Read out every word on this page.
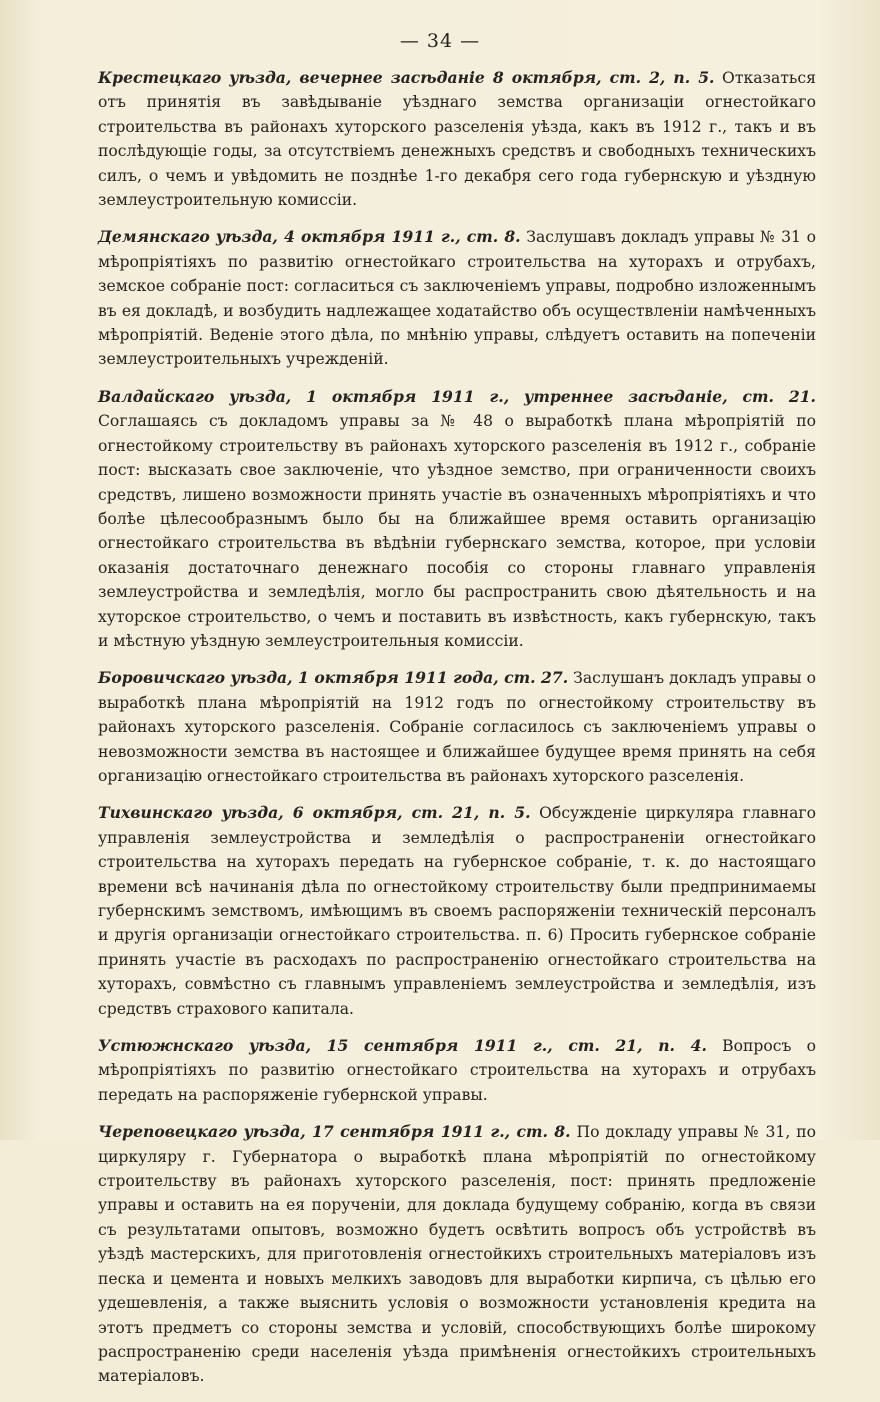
— 34 —

Крестецкаго уѣзда, вечернее засѣданіе 8 октября, ст. 2, п. 5. Отказаться отъ принятія въ завѣдываніе уѣзднаго земства организаціи огнестойкаго строительства въ районахъ хуторского разселенія уѣзда, какъ въ 1912 г., такъ и въ послѣдующіе годы, за отсутствіемъ денежныхъ средствъ и свободныхъ техническихъ силъ, о чемъ и увѣдомить не позднѣе 1-го декабря сего года губернскую и уѣздную землеустроительную комиссіи.

Демянскаго уѣзда, 4 октября 1911 г., ст. 8. Заслушавъ докладъ управы № 31 о мѣропріятіяхъ по развитію огнестойкаго строительства на хуторахъ и отрубахъ, земское собраніе пост: согласиться съ заключеніемъ управы, подробно изложеннымъ въ ея докладѣ, и возбудить надлежащее ходатайство объ осуществленіи намѣченныхъ мѣропріятій. Веденіе этого дѣла, по мнѣнію управы, слѣдуетъ оставить на попеченіи землеустроительныхъ учрежденій.

Валдайскаго уѣзда, 1 октября 1911 г., утреннее засѣданіе, ст. 21. Соглашаясь съ докладомъ управы за № 48 о выработкѣ плана мѣропріятій по огнестойкому строительству въ районахъ хуторского разселенія въ 1912 г., собраніе пост: высказать свое заключеніе, что уѣздное земство, при ограниченности своихъ средствъ, лишено возможности принять участіе въ означенныхъ мѣропріятіяхъ и что болѣе цѣлесообразнымъ было бы на ближайшее время оставить организацію огнестойкаго строительства въ вѣдѣніи губернскаго земства, которое, при условіи оказанія достаточнаго денежнаго пособія со стороны главнаго управленія землеустройства и земледѣлія, могло бы распространить свою дѣятельность и на хуторское строительство, о чемъ и поставить въ извѣстность, какъ губернскую, такъ и мѣстную уѣздную землеустроительныя комиссіи.

Боровичскаго уѣзда, 1 октября 1911 года, ст. 27. Заслушанъ докладъ управы о выработкѣ плана мѣропріятій на 1912 годъ по огнестойкому строительству въ районахъ хуторского разселенія. Собраніе согласилось съ заключеніемъ управы о невозможности земства въ настоящее и ближайшее будущее время принять на себя организацію огнестойкаго строительства въ районахъ хуторского разселенія.

Тихвинскаго уѣзда, 6 октября, ст. 21, п. 5. Обсужденіе циркуляра главнаго управленія землеустройства и земледѣлія о распространеніи огнестойкаго строительства на хуторахъ передать на губернское собраніе, т. к. до настоящаго времени всѣ начинанія дѣла по огнестойкому строительству были предпринимаемы губернскимъ земствомъ, имѣющимъ въ своемъ распоряженіи техническій персоналъ и другія организаціи огнестойкаго строительства. п. 6) Просить губернское собраніе принять участіе въ расходахъ по распространенію огнестойкаго строительства на хуторахъ, совмѣстно съ главнымъ управленіемъ землеустройства и земледѣлія, изъ средствъ страхового капитала.

Устюжнскаго уѣзда, 15 сентября 1911 г., ст. 21, п. 4. Вопросъ о мѣропріятіяхъ по развитію огнестойкаго строительства на хуторахъ и отрубахъ передать на распоряженіе губернской управы.

Череповецкаго уѣзда, 17 сентября 1911 г., ст. 8. По докладу управы № 31, по циркуляру г. Губернатора о выработкѣ плана мѣропріятій по огнестойкому строительству въ районахъ хуторского разселенія, пост: принять предложеніе управы и оставить на ея порученіи, для доклада будущему собранію, когда въ связи съ результатами опытовъ, возможно будетъ освѣтить вопросъ объ устройствѣ въ уѣздѣ мастерскихъ, для приготовленія огнестойкихъ строительныхъ матеріаловъ изъ песка и цемента и новыхъ мелкихъ заводовъ для выработки кирпича, съ цѣлью его удешевленія, а также выяснить условія о возможности установленія кредита на этотъ предметъ со стороны земства и условій, способствующихъ болѣе широкому распространенію среди населенія уѣзда примѣненія огнестойкихъ строительныхъ матеріаловъ.
